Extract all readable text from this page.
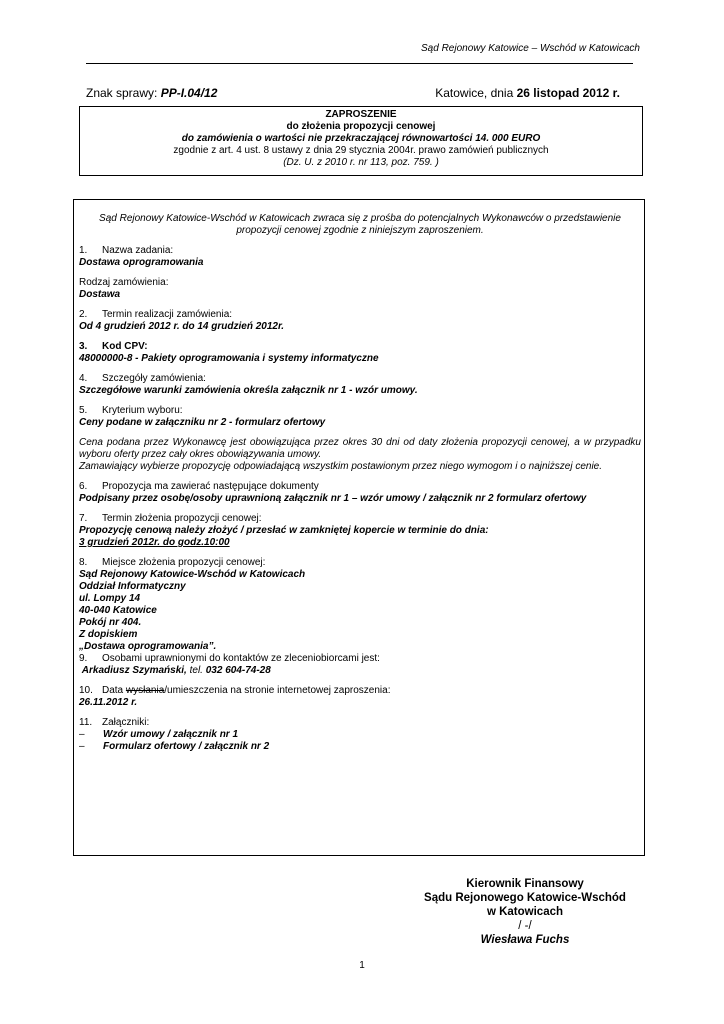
Sąd Rejonowy Katowice – Wschód w Katowicach
Znak sprawy: PP-I.04/12	Katowice, dnia 26 listopad 2012 r.
ZAPROSZENIE
do złożenia propozycji cenowej
do zamówienia o wartości nie przekraczającej równowartości 14. 000 EURO
zgodnie z art. 4 ust. 8 ustawy z dnia 29 stycznia 2004r. prawo zamówień publicznych
(Dz. U. z 2010 r. nr 113, poz. 759. )

Sąd Rejonowy Katowice-Wschód w Katowicach zwraca się z prośba do potencjalnych Wykonawców o przedstawienie propozycji cenowej zgodnie z niniejszym zaproszeniem.

1. Nazwa zadania:
Dostawa oprogramowania
Rodzaj zamówienia:
Dostawa
2. Termin realizacji zamówienia:
Od 4 grudzień 2012 r. do 14 grudzień 2012r.
3. Kod CPV:
48000000-8 - Pakiety oprogramowania i systemy informatyczne
4. Szczegóły zamówienia:
Szczegółowe warunki zamówienia określa załącznik nr 1 - wzór umowy.
5. Kryterium wyboru:
Ceny podane w załączniku nr 2 - formularz ofertowy
Cena podana przez Wykonawcę jest obowiązująca przez okres 30 dni od daty złożenia propozycji cenowej, a w przypadku wyboru oferty przez cały okres obowiązywania umowy.
Zamawiający wybierze propozycję odpowiadającą wszystkim postawionym przez niego wymogom i o najniższej cenie.
6. Propozycja ma zawierać następujące dokumenty
Podpisany przez osobę/osoby uprawnioną załącznik nr 1 – wzór umowy / załącznik nr 2 formularz ofertowy
7. Termin złożenia propozycji cenowej:
Propozycję cenową należy złożyć / przesłać w zamkniętej kopercie w terminie do dnia:
3 grudzień 2012r. do godz.10:00
8. Miejsce złożenia propozycji cenowej:
Sąd Rejonowy Katowice-Wschód w Katowicach
Oddział Informatyczny
ul. Lompy 14
40-040 Katowice
Pokój nr 404.
Z dopiskiem
„Dostawa oprogramowania”.
9. Osobami uprawnionymi do kontaktów ze zleceniobiorcami jest:
Arkadiusz Szymański, tel. 032 604-74-28
10. Data wysłania/umieszczenia na stronie internetowej zaproszenia:
26.11.2012 r.
11. Załączniki:
–	Wzór umowy / załącznik nr 1
–	Formularz ofertowy / załącznik nr 2
Kierownik Finansowy
Sądu Rejonowego Katowice-Wschód
w Katowicach
/ -/
Wiesława Fuchs
1
